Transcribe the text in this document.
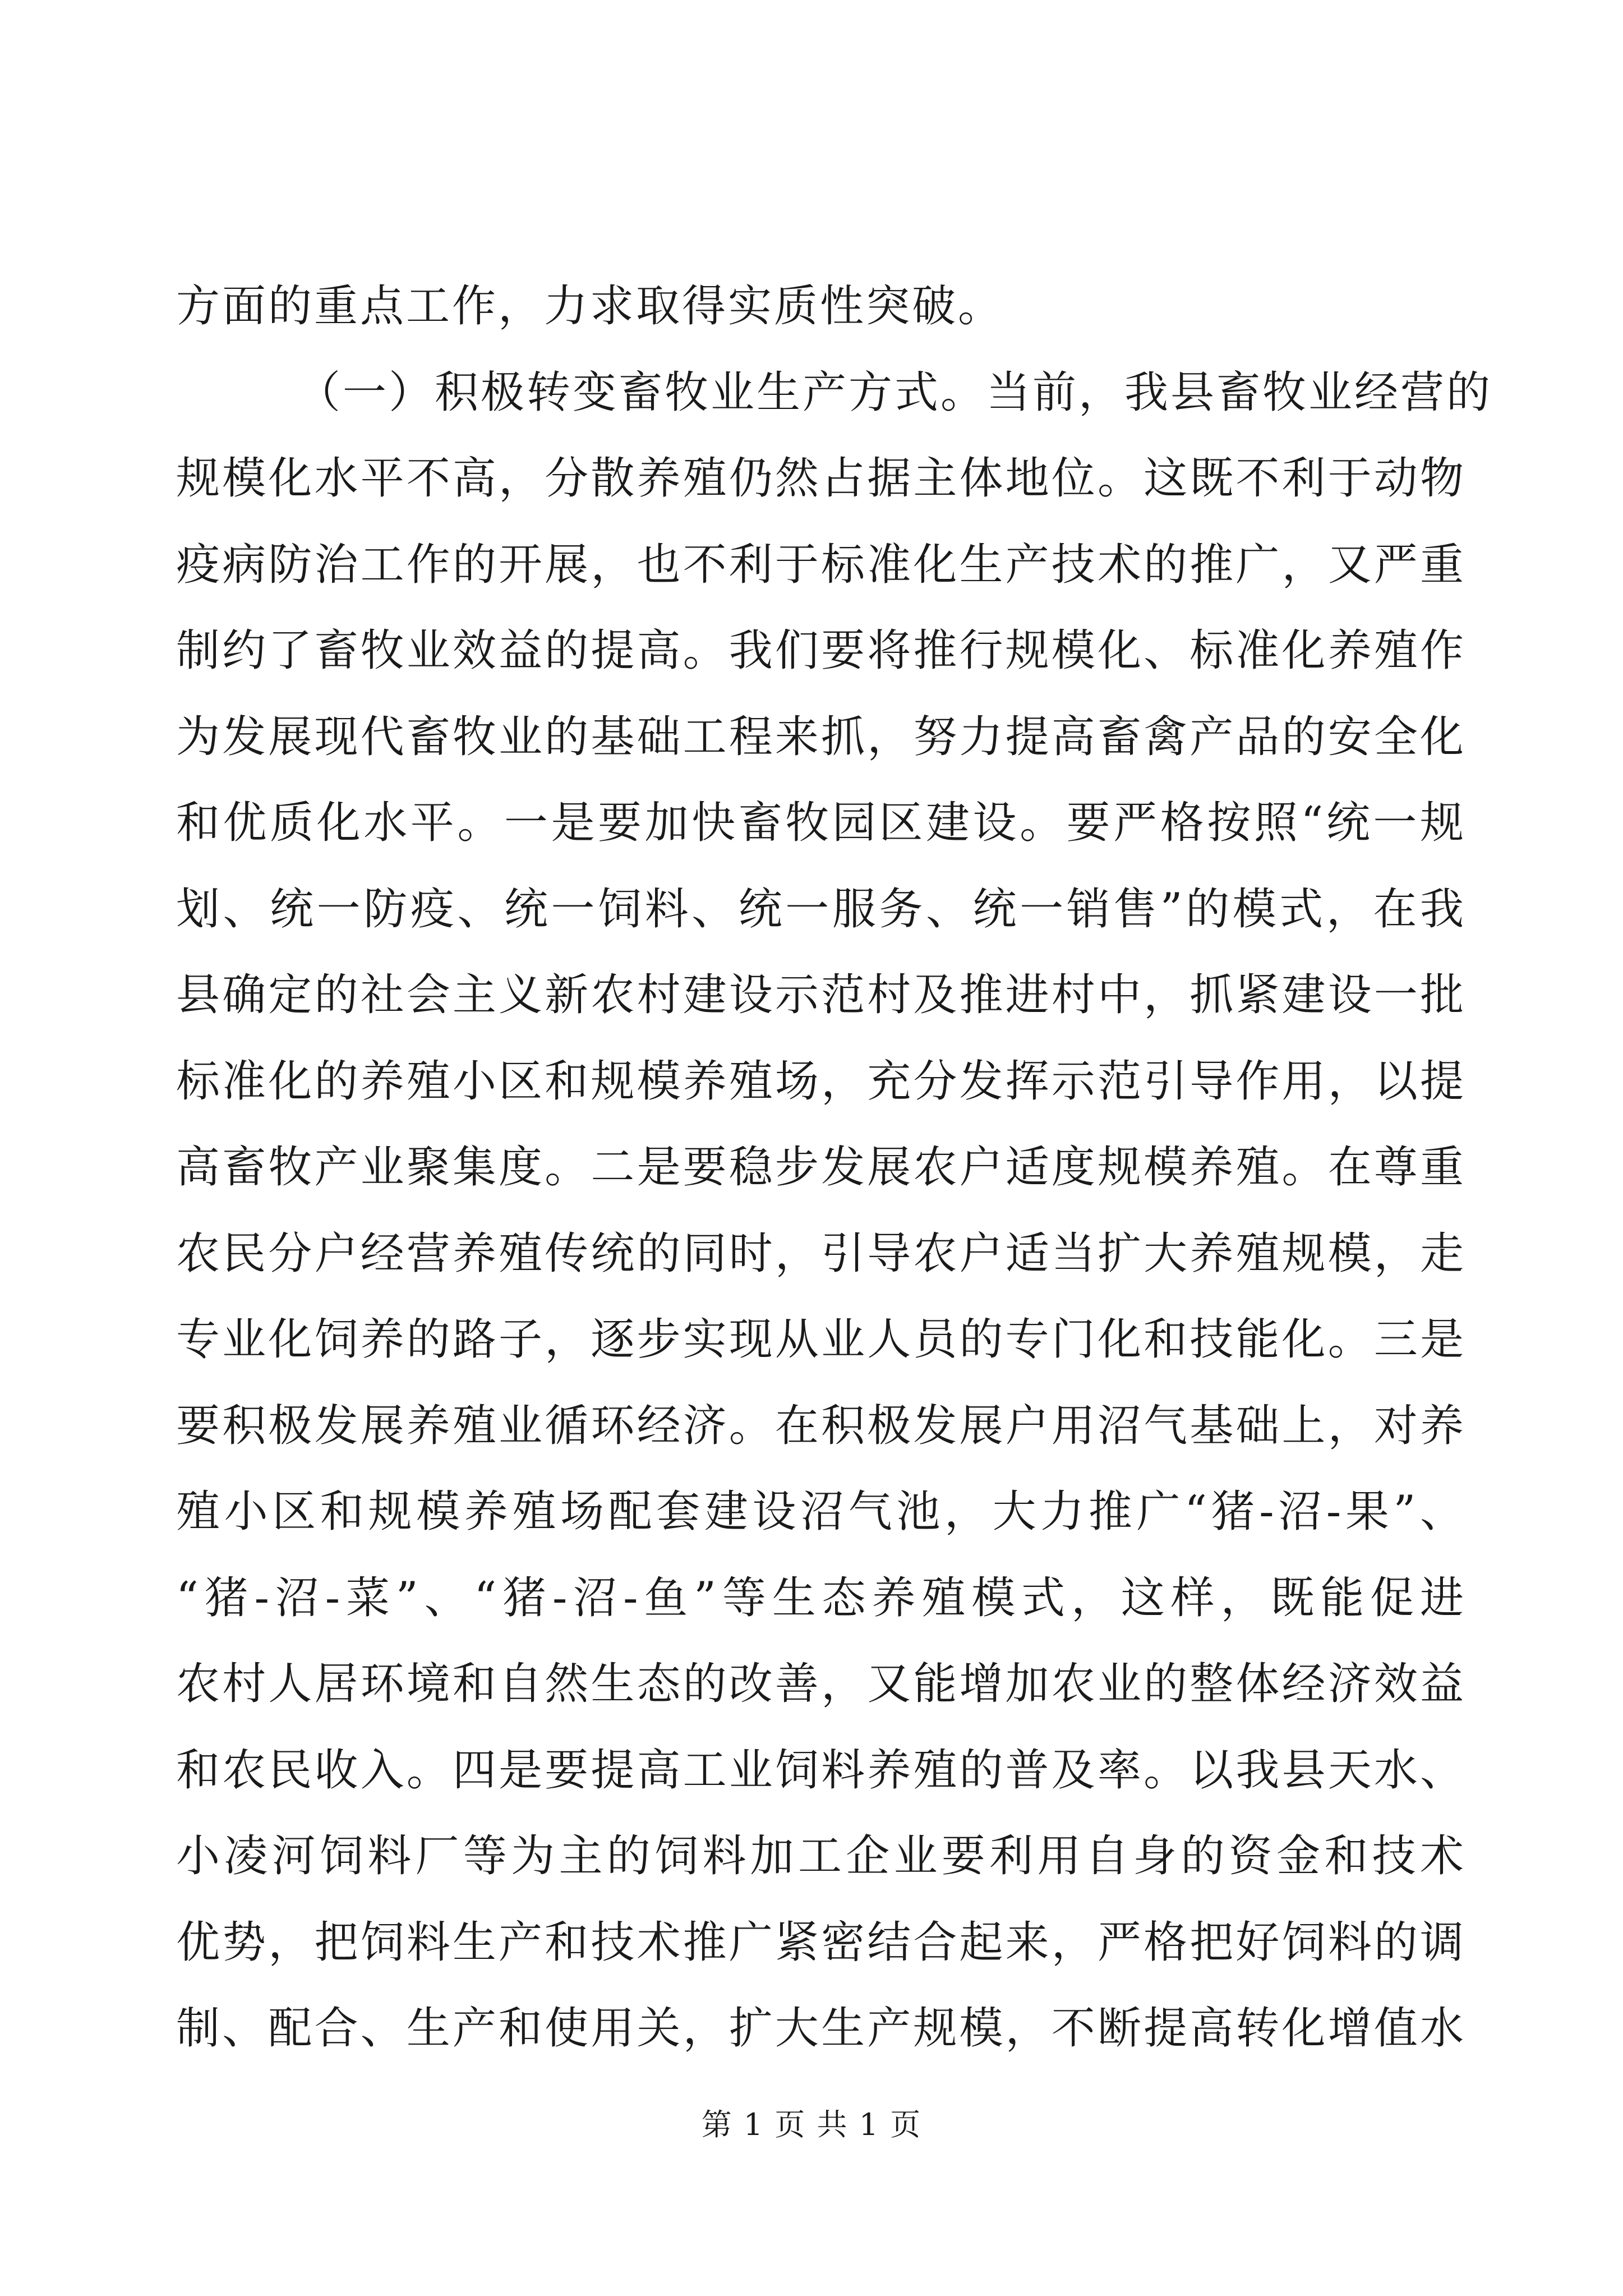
方面的重点工作，力求取得实质性突破。
（一）积极转变畜牧业生产方式。当前，我县畜牧业经营的
规模化水平不高，分散养殖仍然占据主体地位。这既不利于动物
疫病防治工作的开展，也不利于标准化生产技术的推广，又严重
制约了畜牧业效益的提高。我们要将推行规模化、标准化养殖作
为发展现代畜牧业的基础工程来抓，努力提高畜禽产品的安全化
和优质化水平。一是要加快畜牧园区建设。要严格按照“统一规
划、统一防疫、统一饲料、统一服务、统一销售”的模式，在我
县确定的社会主义新农村建设示范村及推进村中，抓紧建设一批
标准化的养殖小区和规模养殖场，充分发挥示范引导作用，以提
高畜牧产业聚集度。二是要稳步发展农户适度规模养殖。在尊重
农民分户经营养殖传统的同时，引导农户适当扩大养殖规模，走
专业化饲养的路子，逐步实现从业人员的专门化和技能化。三是
要积极发展养殖业循环经济。在积极发展户用沼气基础上，对养
殖小区和规模养殖场配套建设沼气池，大力推广“猪-沼-果”、
“猪-沼-菜”、“猪-沼-鱼”等生态养殖模式，这样，既能促进
农村人居环境和自然生态的改善，又能增加农业的整体经济效益
和农民收入。四是要提高工业饲料养殖的普及率。以我县天水、
小凌河饲料厂等为主的饲料加工企业要利用自身的资金和技术
优势，把饲料生产和技术推广紧密结合起来，严格把好饲料的调
制、配合、生产和使用关，扩大生产规模，不断提高转化增值水
第 1 页 共 1 页
